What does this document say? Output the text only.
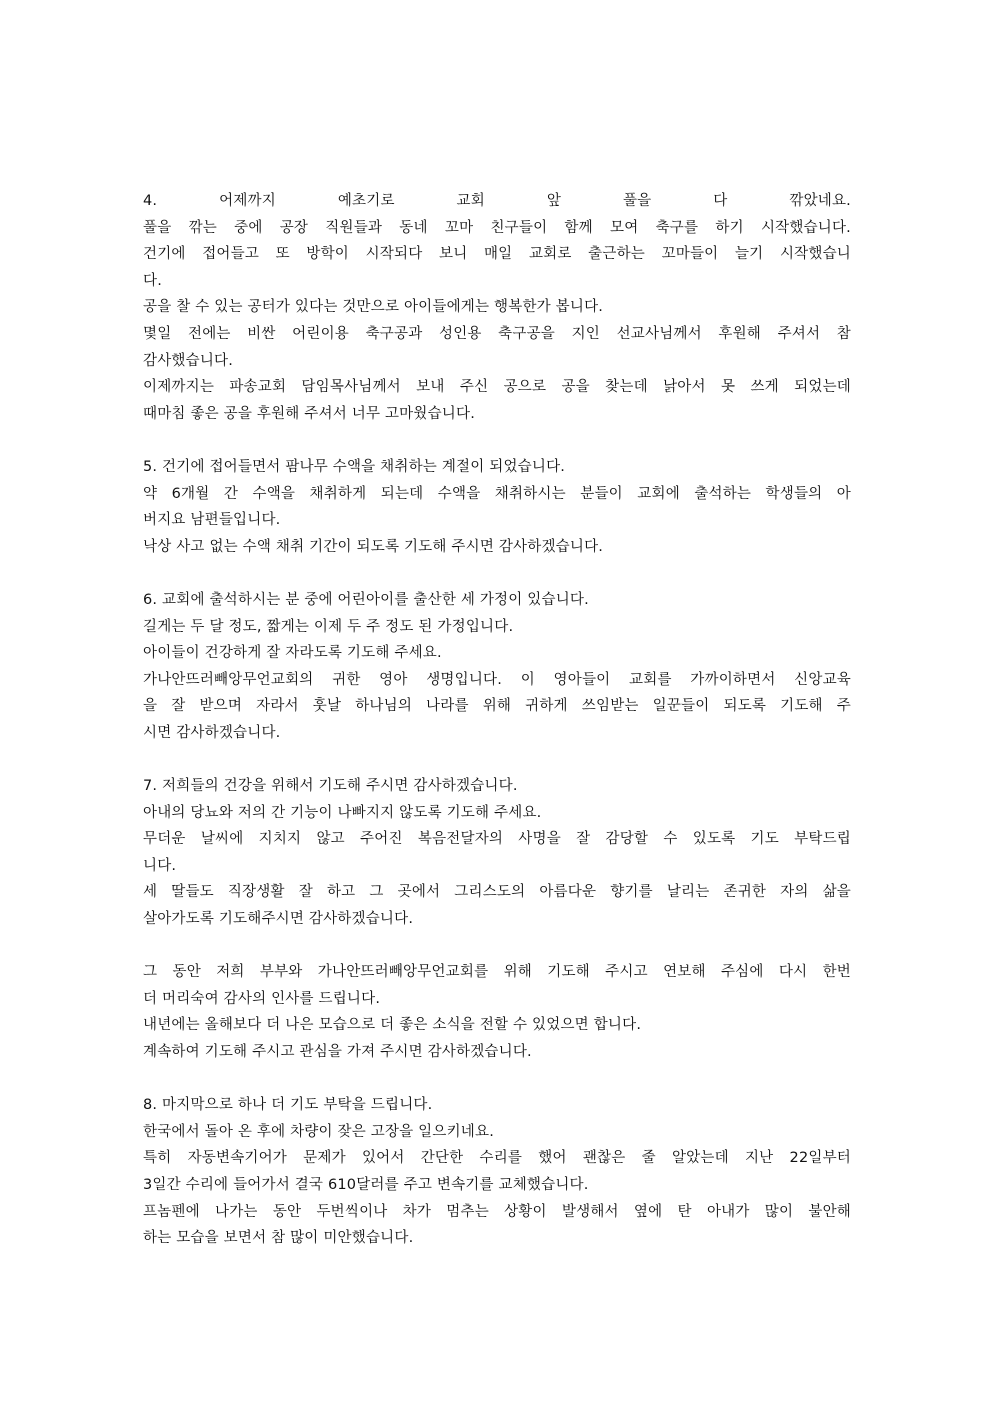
4. 어제까지 예초기로 교회 앞 풀을 다 깎았네요.
풀을 깎는 중에 공장 직원들과 동네 꼬마 친구들이 함께 모여 축구를 하기 시작했습니다.
건기에 접어들고 또 방학이 시작되다 보니 매일 교회로 출근하는 꼬마들이 늘기 시작했습니
다.
공을 찰 수 있는 공터가 있다는 것만으로 아이들에게는 행복한가 봅니다.
몇일 전에는 비싼 어린이용 축구공과 성인용 축구공을 지인 선교사님께서 후원해 주셔서 참
감사했습니다.
이제까지는 파송교회 담임목사님께서 보내 주신 공으로 공을 찾는데 낡아서 못 쓰게 되었는데
때마침 좋은 공을 후원해 주셔서 너무 고마웠습니다.
5. 건기에 접어들면서 팜나무 수액을 채취하는 계절이 되었습니다.
약 6개월 간 수액을 채취하게 되는데 수액을 채취하시는 분들이 교회에 출석하는 학생들의 아
버지요 남편들입니다.
낙상 사고 없는 수액 채취 기간이 되도록 기도해 주시면 감사하겠습니다.
6. 교회에 출석하시는 분 중에 어린아이를 출산한 세 가정이 있습니다.
길게는 두 달 정도, 짧게는 이제 두 주 정도 된 가정입니다.
아이들이 건강하게 잘 자라도록 기도해 주세요.
가나안뜨러빼앙무언교회의 귀한 영아 생명입니다. 이 영아들이 교회를 가까이하면서 신앙교육
을 잘 받으며 자라서 훗날 하나님의 나라를 위해 귀하게 쓰임받는 일꾼들이 되도록 기도해 주
시면 감사하겠습니다.
7. 저희들의 건강을 위해서 기도해 주시면 감사하겠습니다.
아내의 당뇨와 저의 간 기능이 나빠지지 않도록 기도해 주세요.
무더운 날씨에 지치지 않고 주어진 복음전달자의 사명을 잘 감당할 수 있도록 기도 부탁드립
니다.
세 딸들도 직장생활 잘 하고 그 곳에서 그리스도의 아름다운 향기를 날리는 존귀한 자의 삶을
살아가도록 기도해주시면 감사하겠습니다.
그 동안 저희 부부와 가나안뜨러빼앙무언교회를 위해 기도해 주시고 연보해 주심에 다시 한번
더 머리숙여 감사의 인사를 드립니다.
내년에는 올해보다 더 나은 모습으로 더 좋은 소식을 전할 수 있었으면 합니다.
계속하여 기도해 주시고 관심을 가져 주시면 감사하겠습니다.
8. 마지막으로 하나 더 기도 부탁을 드립니다.
한국에서 돌아 온 후에 차량이 잦은 고장을 일으키네요.
특히 자동변속기어가 문제가 있어서 간단한 수리를 했어 괜찮은 줄 알았는데 지난 22일부터
3일간 수리에 들어가서 결국 610달러를 주고 변속기를 교체했습니다.
프놈펜에 나가는 동안 두번씩이나 차가 멈추는 상황이 발생해서 옆에 탄 아내가 많이 불안해
하는 모습을 보면서 참 많이 미안했습니다.
